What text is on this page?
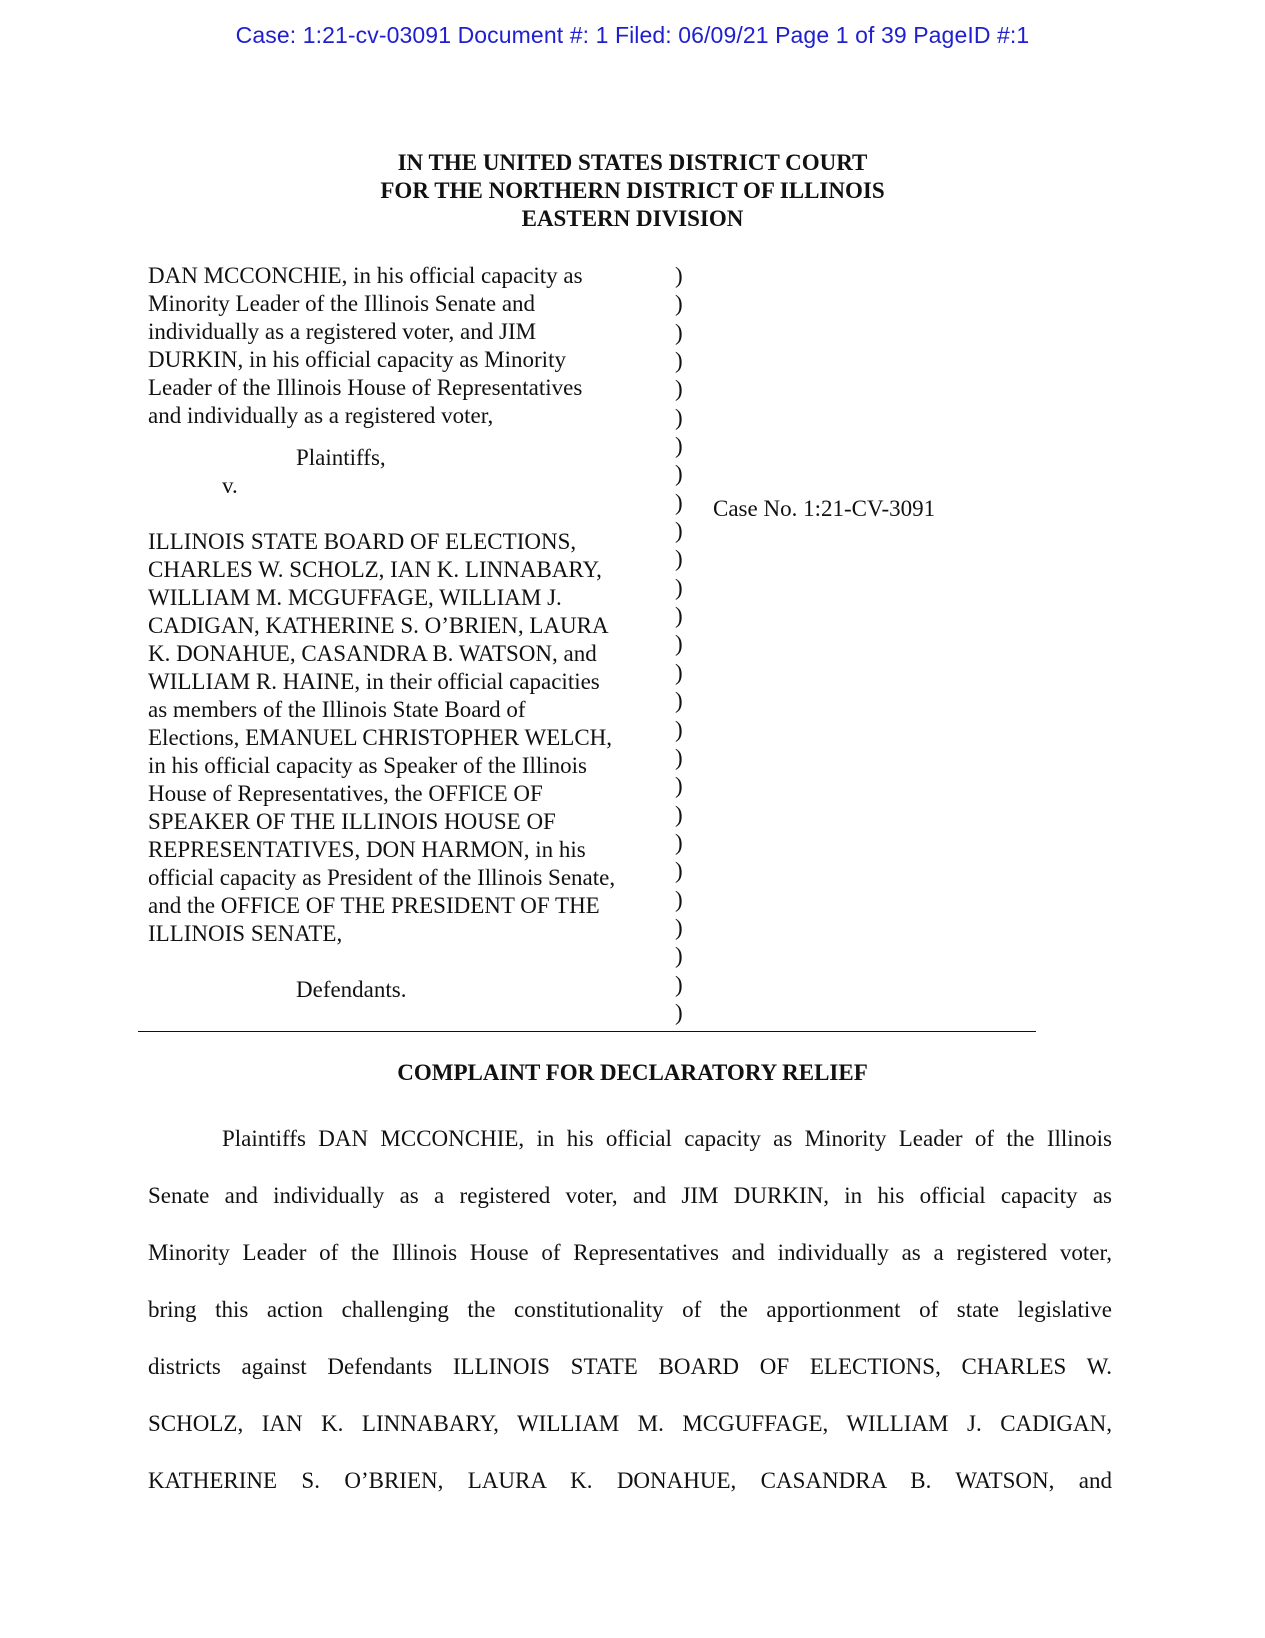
Case: 1:21-cv-03091 Document #: 1 Filed: 06/09/21 Page 1 of 39 PageID #:1
IN THE UNITED STATES DISTRICT COURT
FOR THE NORTHERN DISTRICT OF ILLINOIS
EASTERN DIVISION
DAN MCCONCHIE, in his official capacity as
Minority Leader of the Illinois Senate and
individually as a registered voter, and JIM
DURKIN, in his official capacity as Minority
Leader of the Illinois House of Representatives
and individually as a registered voter,
Plaintiffs,
v.
ILLINOIS STATE BOARD OF ELECTIONS,
CHARLES W. SCHOLZ, IAN K. LINNABARY,
WILLIAM M. MCGUFFAGE, WILLIAM J.
CADIGAN, KATHERINE S. O’BRIEN, LAURA
K. DONAHUE, CASANDRA B. WATSON, and
WILLIAM R. HAINE, in their official capacities
as members of the Illinois State Board of
Elections, EMANUEL CHRISTOPHER WELCH,
in his official capacity as Speaker of the Illinois
House of Representatives, the OFFICE OF
SPEAKER OF THE ILLINOIS HOUSE OF
REPRESENTATIVES, DON HARMON, in his
official capacity as President of the Illinois Senate,
and the OFFICE OF THE PRESIDENT OF THE
ILLINOIS SENATE,
Defendants.
)
)
)
)
)
)
)
)
)
)
)
)
)
)
)
)
)
)
)
)
)
)
)
)
)
)
)
Case No. 1:21-CV-3091
COMPLAINT FOR DECLARATORY RELIEF
Plaintiffs DAN MCCONCHIE, in his official capacity as Minority Leader of the Illinois
Senate and individually as a registered voter, and JIM DURKIN, in his official capacity as
Minority Leader of the Illinois House of Representatives and individually as a registered voter,
bring this action challenging the constitutionality of the apportionment of state legislative
districts against Defendants ILLINOIS STATE BOARD OF ELECTIONS, CHARLES W.
SCHOLZ, IAN K. LINNABARY, WILLIAM M. MCGUFFAGE, WILLIAM J. CADIGAN,
KATHERINE S. O’BRIEN, LAURA K. DONAHUE, CASANDRA B. WATSON, and
